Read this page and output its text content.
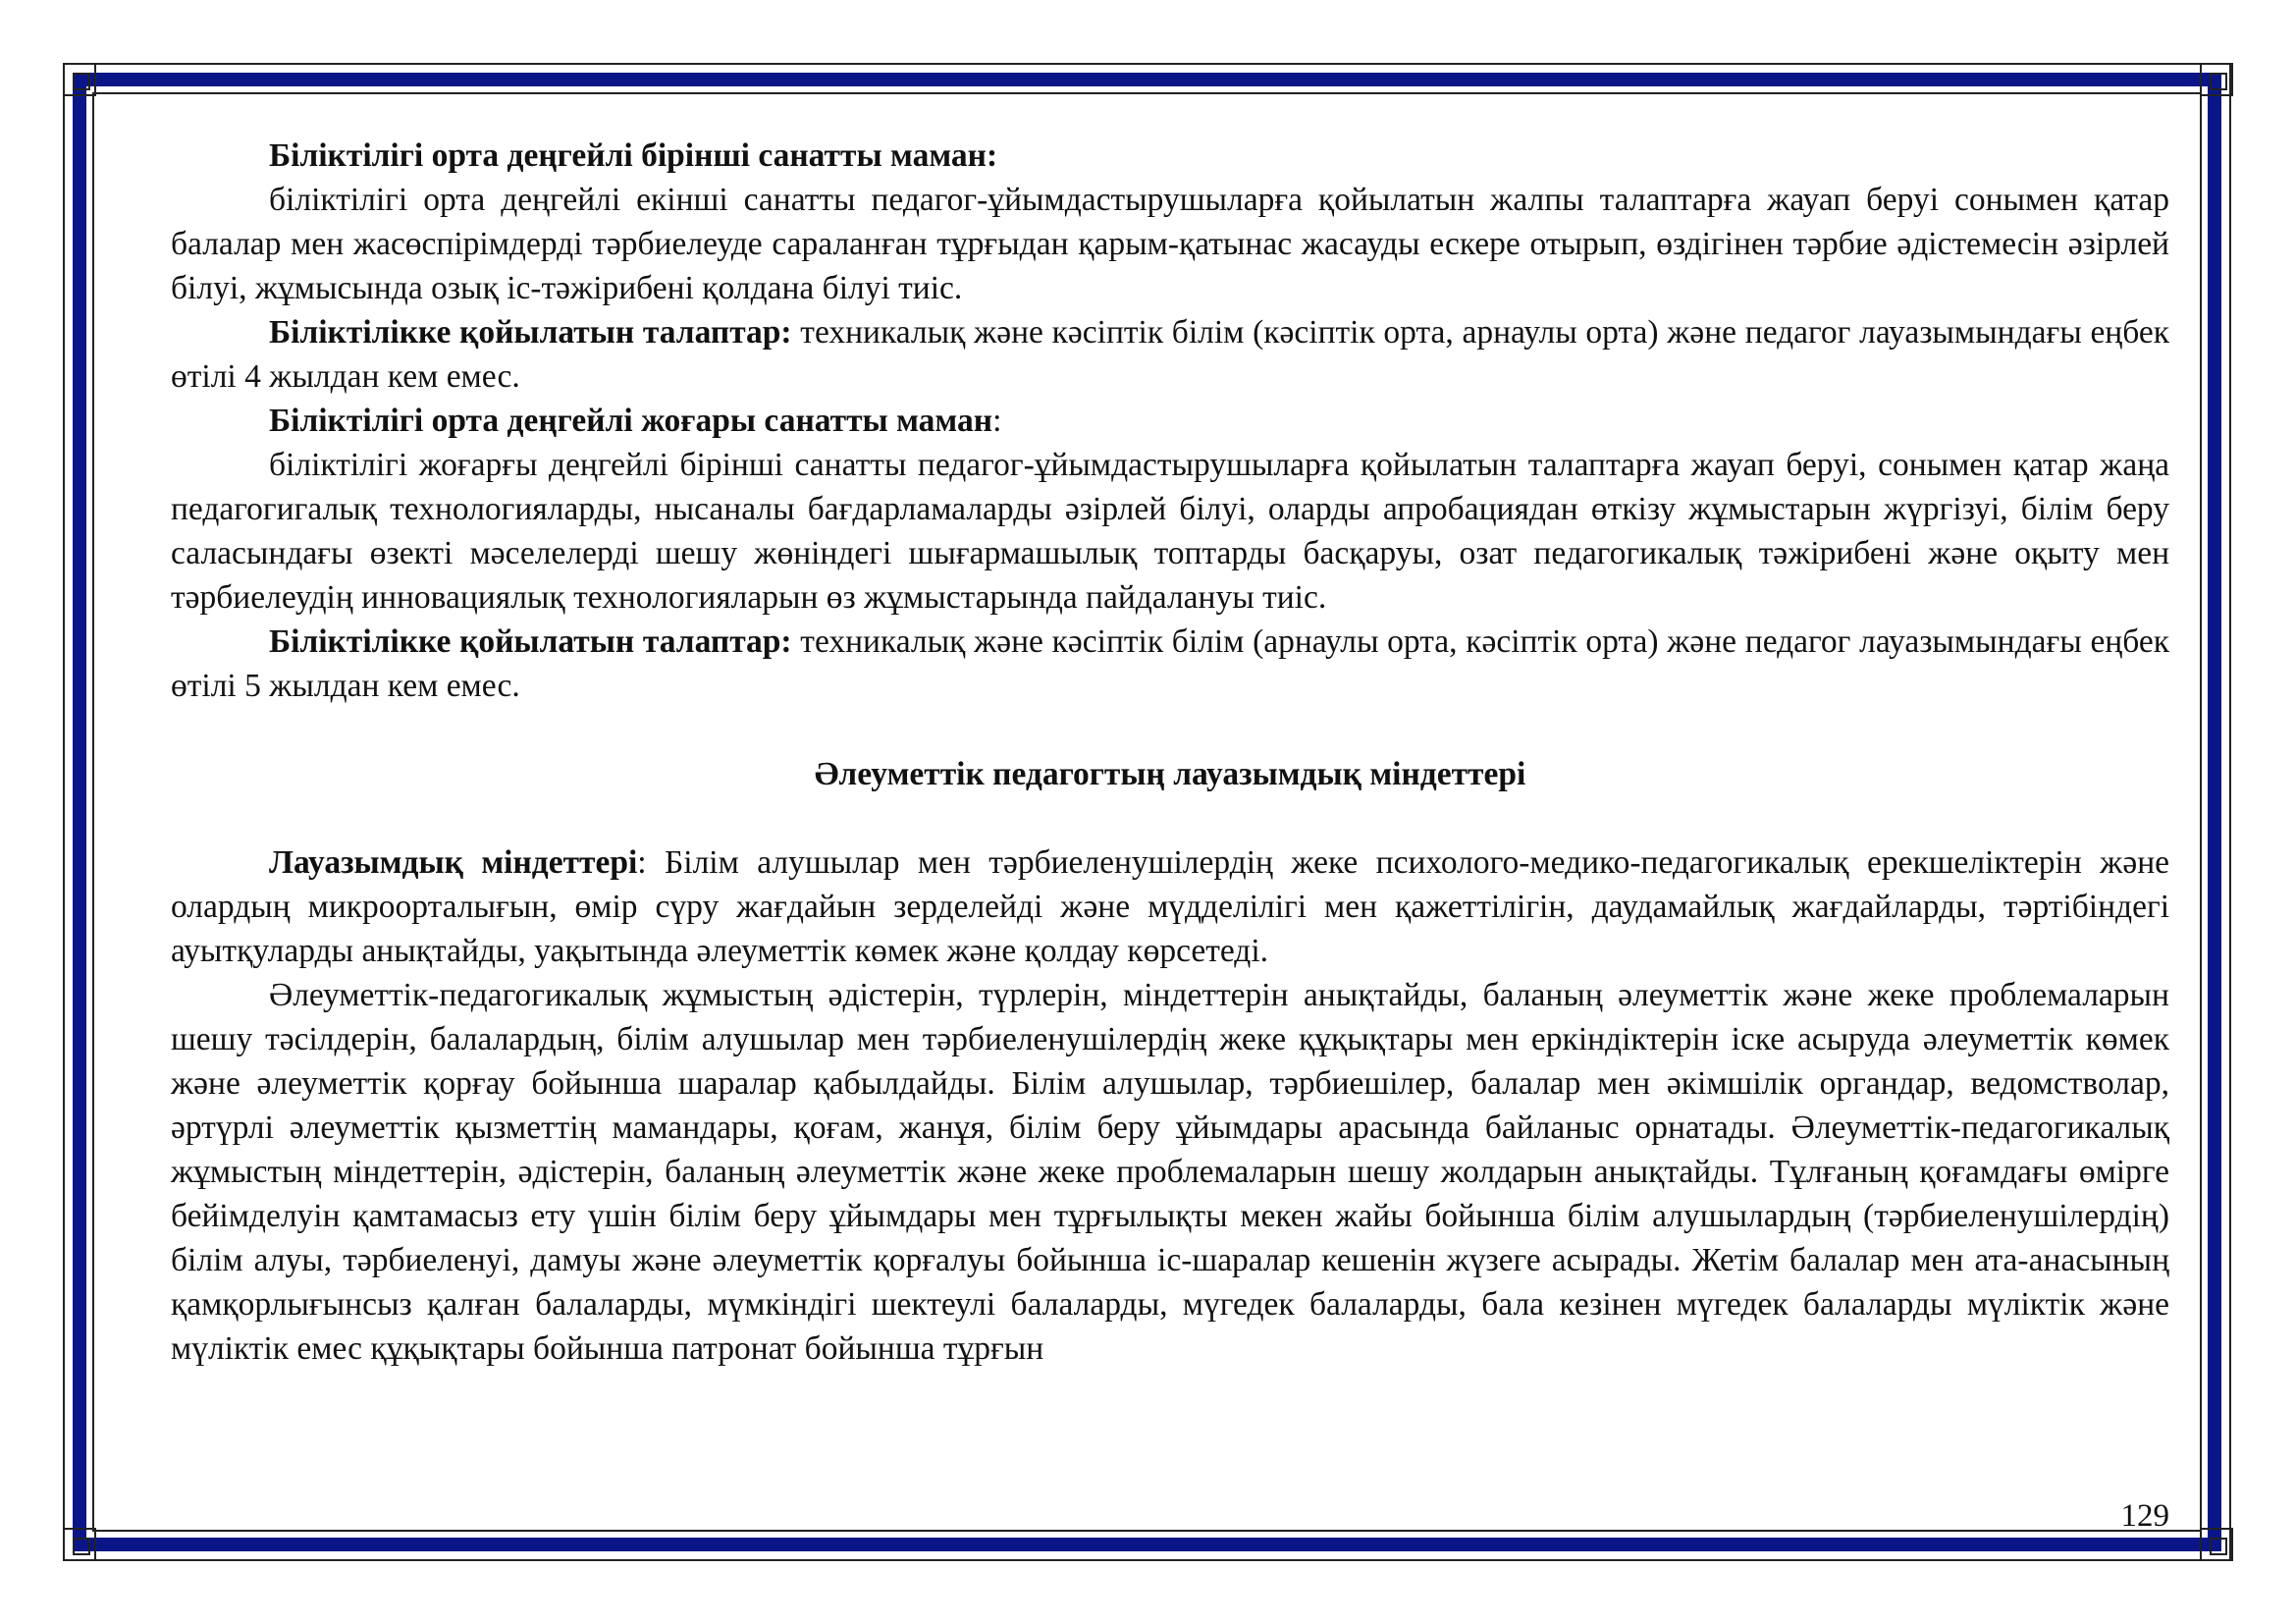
Біліктілігі орта деңгейлі бірінші санатты маман:

біліктілігі орта деңгейлі екінші санатты педагог-ұйымдастырушыларға қойылатын жалпы талаптарға жауап беруі сонымен қатар балалар мен жасөспірімдерді тәрбиелеуде сараланған тұрғыдан қарым-қатынас жасауды ескере отырып, өздігінен тәрбие әдістемесін әзірлей білуі, жұмысында озық іс-тәжірибені қолдана білуі тиіс.

Біліктілікке қойылатын талаптар: техникалық және кәсіптік білім (кәсіптік орта, арнаулы орта) және педагог лауазымындағы еңбек өтілі 4 жылдан кем емес.

Біліктілігі орта деңгейлі жоғары санатты маман:

біліктілігі жоғарғы деңгейлі бірінші санатты педагог-ұйымдастырушыларға қойылатын талаптарға жауап беруі, сонымен қатар жаңа педагогигалық технологияларды, нысаналы бағдарламаларды әзірлей білуі, оларды апробациядан өткізу жұмыстарын жүргізуі, білім беру саласындағы өзекті мәселелерді шешу жөніндегі шығармашылық топтарды басқаруы, озат педагогикалық тәжірибені және оқыту мен тәрбиелеудің инновациялық технологияларын өз жұмыстарында пайдалануы тиіс.

Біліктілікке қойылатын талаптар: техникалық және кәсіптік білім (арнаулы орта, кәсіптік орта) және педагог лауазымындағы еңбек өтілі 5 жылдан кем емес.

Әлеуметтік педагогтың лауазымдық міндеттері

Лауазымдық міндеттері: Білім алушылар мен тәрбиеленушілердің жеке психолого-медико-педагогикалық ерекшеліктерін және олардың микроорталығын, өмір сүру жағдайын зерделейді және мүдделілігі мен қажеттілігін, даудамайлық жағдайларды, тәртібіндегі ауытқуларды анықтайды, уақытында әлеуметтік көмек және қолдау көрсетеді.

Әлеуметтік-педагогикалық жұмыстың әдістерін, түрлерін, міндеттерін анықтайды, баланың әлеуметтік және жеке проблемаларын шешу тәсілдерін, балалардың, білім алушылар мен тәрбиеленушілердің жеке құқықтары мен еркіндіктерін іске асыруда әлеуметтік көмек және әлеуметтік қорғау бойынша шаралар қабылдайды. Білім алушылар, тәрбиешілер, балалар мен әкімшілік органдар, ведомстволар, әртүрлі әлеуметтік қызметтің мамандары, қоғам, жанұя, білім беру ұйымдары арасында байланыс орнатады. Әлеуметтік-педагогикалық жұмыстың міндеттерін, әдістерін, баланың әлеуметтік және жеке проблемаларын шешу жолдарын анықтайды. Тұлғаның қоғамдағы өмірге бейімделуін қамтамасыз ету үшін білім беру ұйымдары мен тұрғылықты мекен жайы бойынша білім алушылардың (тәрбиеленушілердің) білім алуы, тәрбиеленуі, дамуы және әлеуметтік қорғалуы бойынша іс-шаралар кешенін жүзеге асырады. Жетім балалар мен ата-анасының қамқорлығынсыз қалған балаларды, мүмкіндігі шектеулі балаларды, мүгедек балаларды, бала кезінен мүгедек балаларды мүліктік және мүліктік емес құқықтары бойынша патронат бойынша тұрғын

129
